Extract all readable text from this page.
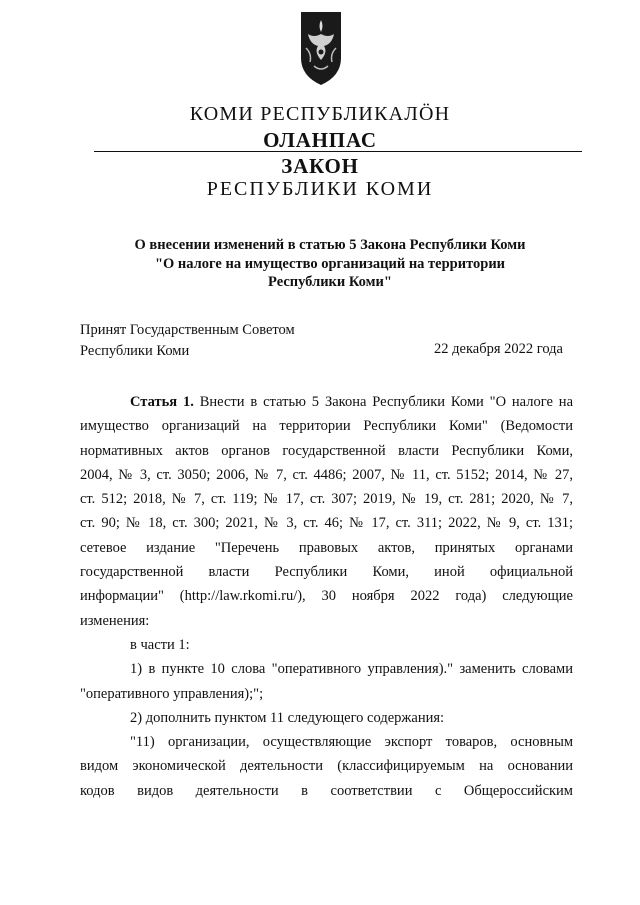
КОМИ РЕСПУБЛИКАЛÖН
ОЛАНПАС
ЗАКОН
РЕСПУБЛИКИ КОМИ
О внесении изменений в статью 5 Закона Республики Коми
"О налоге на имущество организаций на территории
Республики Коми"
Принят Государственным Советом
Республики Коми	22 декабря 2022 года
Статья 1. Внести в статью 5 Закона Республики Коми "О налоге на
имущество организаций на территории Республики Коми" (Ведомости
нормативных актов органов государственной власти Республики Коми,
2004, № 3, ст. 3050; 2006, № 7, ст. 4486; 2007, № 11, ст. 5152; 2014, № 27,
ст. 512; 2018, № 7, ст. 119; № 17, ст. 307; 2019, № 19, ст. 281; 2020, № 7,
ст. 90; № 18, ст. 300; 2021, № 3, ст. 46; № 17, ст. 311; 2022, № 9, ст. 131;
сетевое издание "Перечень правовых актов, принятых органами
государственной власти Республики Коми, иной официальной
информации" (http://law.rkomi.ru/), 30 ноября 2022 года) следующие
изменения:
в части 1:
1) в пункте 10 слова "оперативного управления)." заменить словами
"оперативного управления);";
2) дополнить пунктом 11 следующего содержания:
"11) организации, осуществляющие экспорт товаров, основным
видом экономической деятельности (классифицируемым на основании
кодов видов деятельности в соответствии с Общероссийским
